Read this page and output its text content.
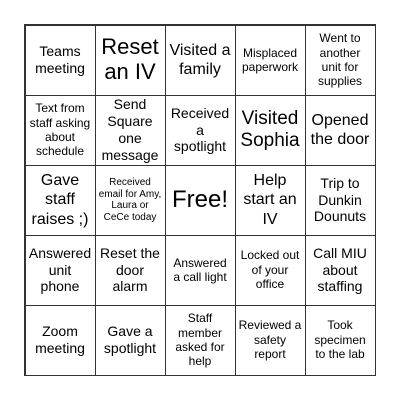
Teams meeting
Reset an IV
Visited a family
Misplaced paperwork
Went to another unit for supplies
Text from staff asking about schedule
Send Square one message
Received a spotlight
Visited Sophia
Opened the door
Gave staff raises ;)
Received email for Amy, Laura or CeCe today
Free!
Help start an IV
Trip to Dunkin Dounuts
Answered unit phone
Reset the door alarm
Answered a call light
Locked out of your office
Call MIU about staffing
Zoom meeting
Gave a spotlight
Staff member asked for help
Reviewed a safety report
Took specimen to the lab
